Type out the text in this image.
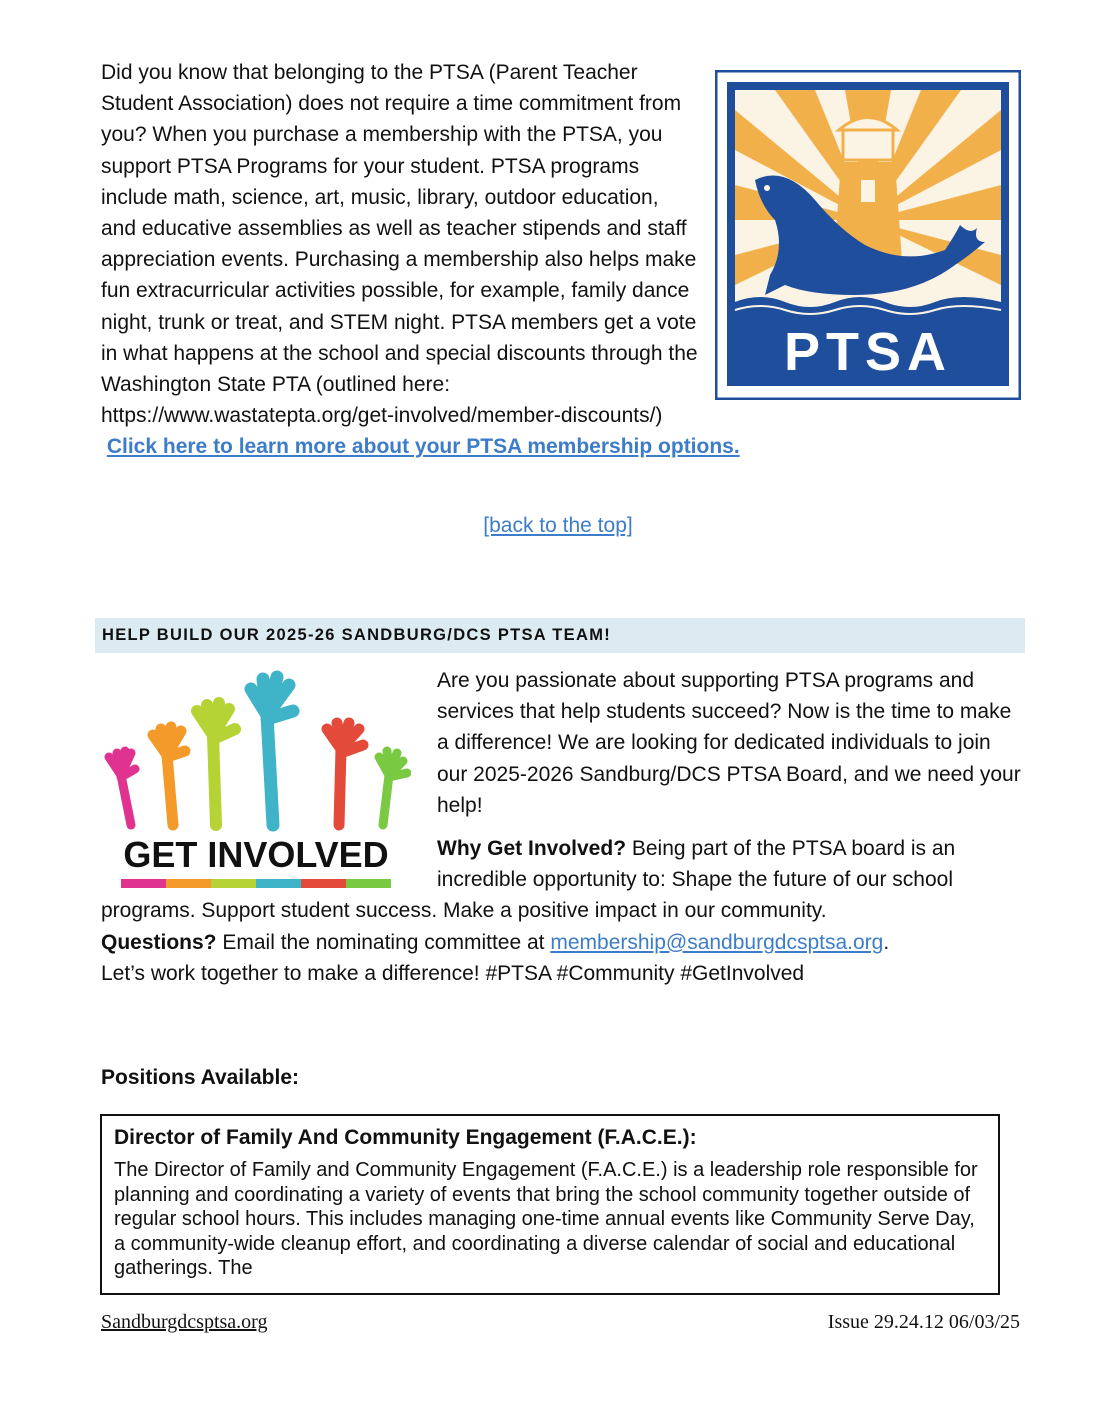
PTSA

Did you know that belonging to the PTSA (Parent Teacher Student Association) does not require a time commitment from you? When you purchase a membership with the PTSA, you support PTSA Programs for your student. PTSA programs include math, science, art, music, library, outdoor education, and educative assemblies as well as teacher stipends and staff appreciation events. Purchasing a membership also helps make fun extracurricular activities possible, for example, family dance night, trunk or treat, and STEM night. PTSA members get a vote in what happens at the school and special discounts through the Washington State PTA (outlined here: https://www.wastatepta.org/get-involved/member-discounts/)  Click here to learn more about your PTSA membership options.

[back to the top]
HELP BUILD OUR 2025-26 SANDBURG/DCS PTSA TEAM!
GET INVOLVED

Are you passionate about supporting PTSA programs and services that help students succeed? Now is the time to make a difference! We are looking for dedicated individuals to join our 2025-2026 Sandburg/DCS PTSA Board, and we need your help!

Why Get Involved? Being part of the PTSA board is an incredible opportunity to: Shape the future of our school programs. Support student success. Make a positive impact in our community.
Questions? Email the nominating committee at membership@sandburgdcsptsa.org.
Let’s work together to make a difference! #PTSA #Community #GetInvolved

Positions Available:
Director of Family And Community Engagement (F.A.C.E.):

The Director of Family and Community Engagement (F.A.C.E.) is a leadership role responsible for planning and coordinating a variety of events that bring the school community together outside of regular school hours. This includes managing one-time annual events like Community Serve Day, a community-wide cleanup effort, and coordinating a diverse calendar of social and educational gatherings. The

Sandburgdcsptsa.org	Issue 29.24.12 06/03/25
